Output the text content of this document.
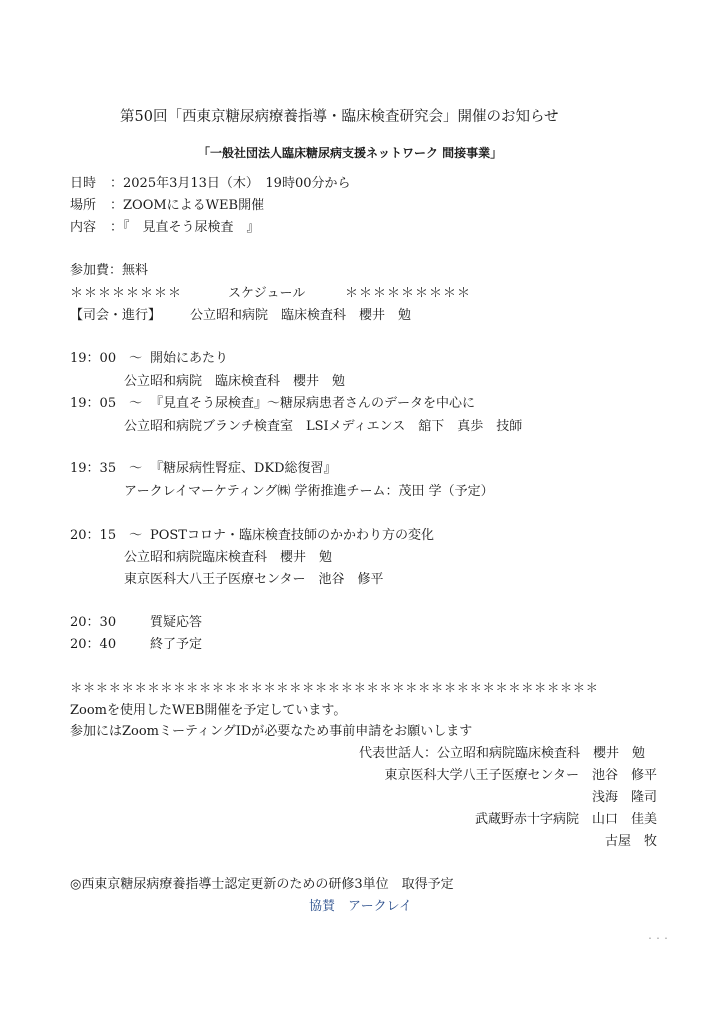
第50回「西東京糖尿病療養指導・臨床検査研究会」開催のお知らせ
「一般社団法人臨床糖尿病支援ネットワーク 間接事業」
日時 ：2025年3月13日（木）　19時00分から
場所 ：ZOOMによるWEB開催
内容 ：『　見直そう尿検査　』
参加費：無料
＊＊＊＊＊＊＊＊	スケジュール	＊＊＊＊＊＊＊＊＊
【司会・進行】 公立昭和病院　臨床検査科　櫻井　勉
19：00　～ 開始にあたり
公立昭和病院　臨床検査科　櫻井　勉
19：05　～ 『見直そう尿検査』～糖尿病患者さんのデータを中心に
公立昭和病院ブランチ検査室　LSIメディエンス　舘下　真歩　技師
19：35　～ 『糖尿病性腎症、DKD総復習』
アークレイマーケティング㈱ 学術推進チーム：茂田 学（予定）
20：15　～ POSTコロナ・臨床検査技師のかかわり方の変化
公立昭和病院臨床検査科　櫻井　勉
東京医科大八王子医療センター　池谷　修平
20：30	質疑応答
20：40	終了予定
＊＊＊＊＊＊＊＊＊＊＊＊＊＊＊＊＊＊＊＊＊＊＊＊＊＊＊＊＊＊＊＊＊＊＊＊＊＊＊＊＊
Zoomを使用したWEB開催を予定しています。
参加にはZoomミーティングIDが必要なため事前申請をお願いします
代表世話人：公立昭和病院臨床検査科　櫻井　勉
東京医科大学八王子医療センター　池谷　修平
浅海　隆司
武蔵野赤十字病院　山口　佳美
古屋　牧
◎西東京糖尿病療養指導士認定更新のための研修3単位　取得予定
協賛　アークレイ
・・・
